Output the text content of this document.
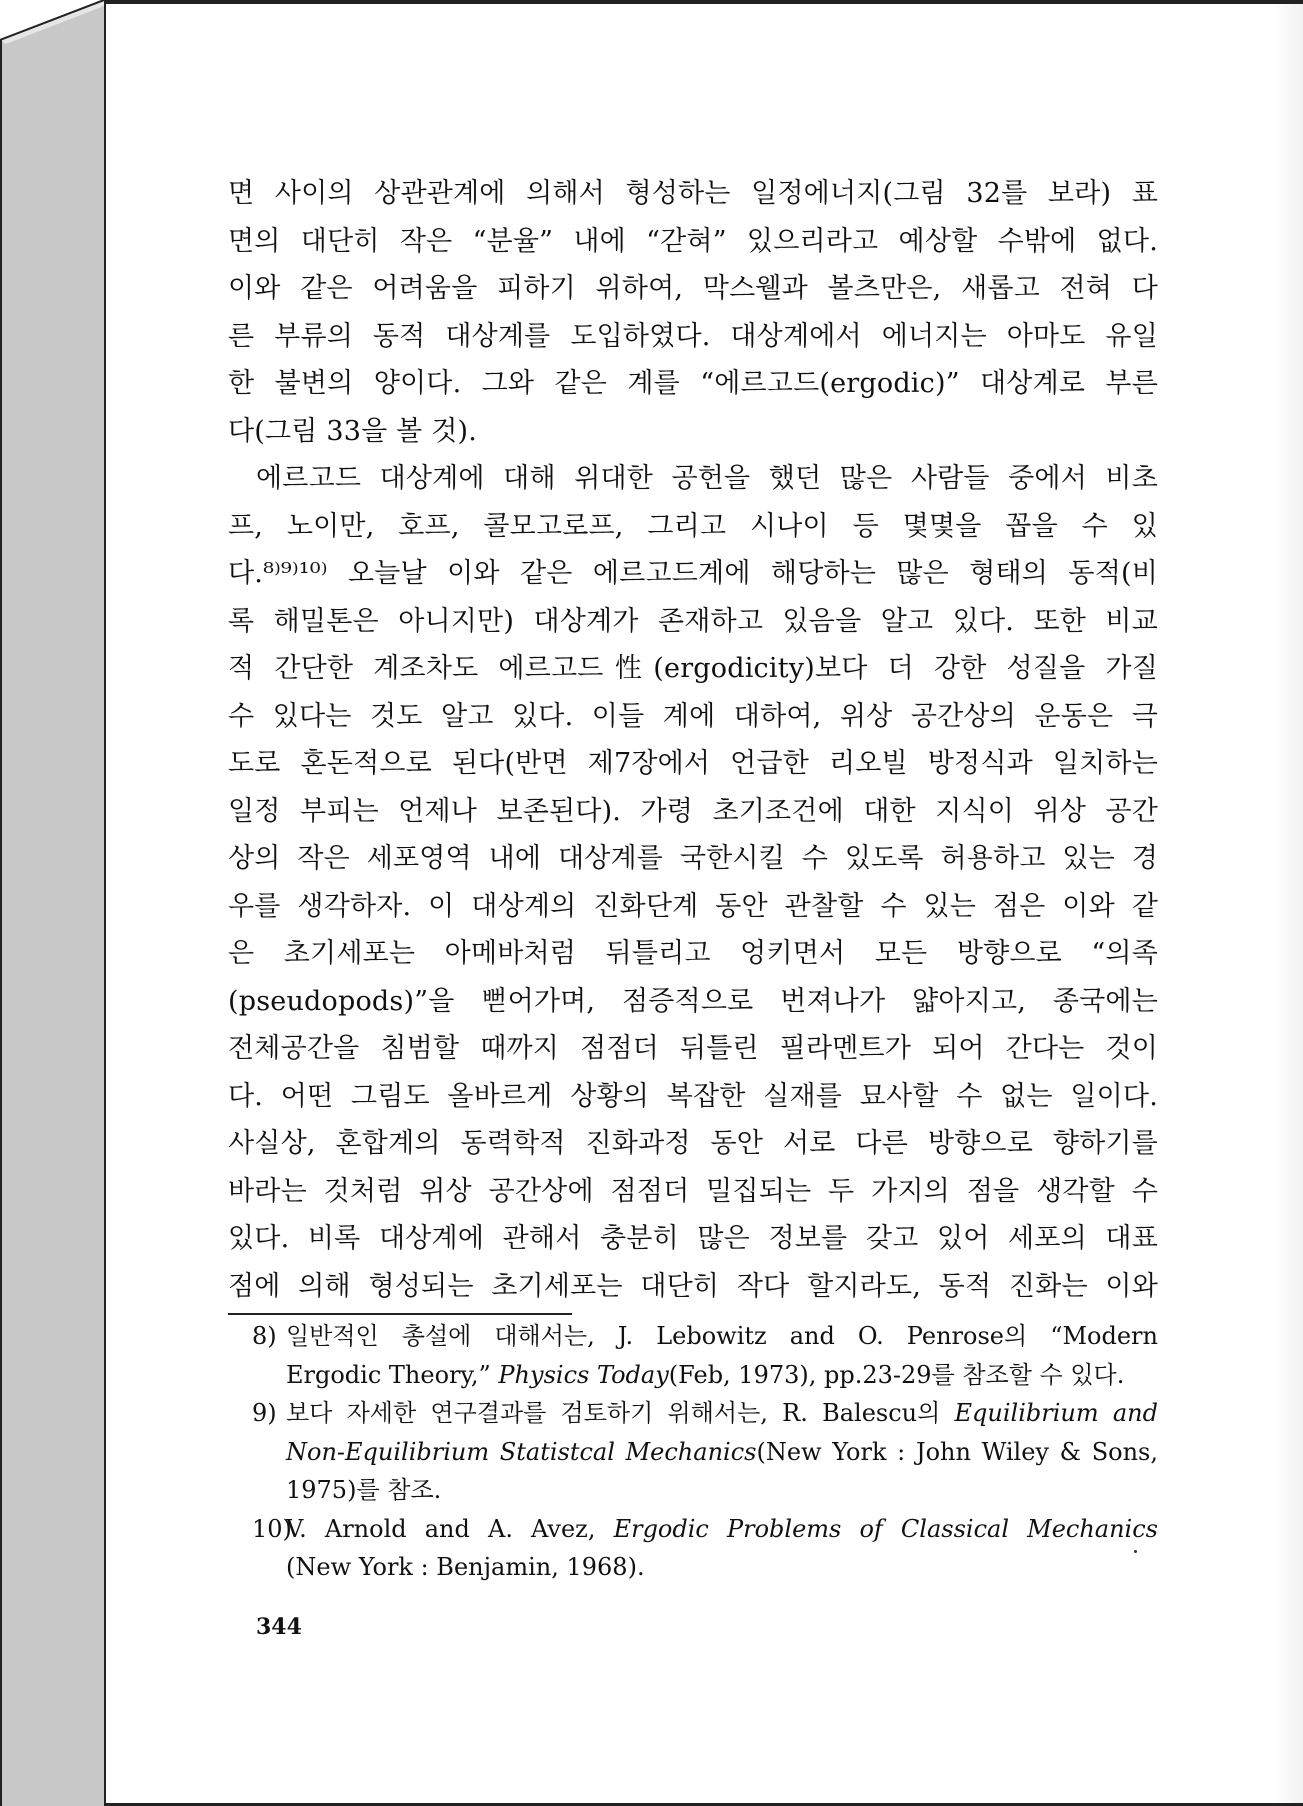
면 사이의 상관관계에 의해서 형성하는 일정에너지(그림 32를 보라) 표
면의 대단히 작은 “분율” 내에 “갇혀” 있으리라고 예상할 수밖에 없다.
이와 같은 어려움을 피하기 위하여, 막스웰과 볼츠만은, 새롭고 전혀 다
른 부류의 동적 대상계를 도입하였다. 대상계에서 에너지는 아마도 유일
한 불변의 양이다. 그와 같은 계를 “에르고드(ergodic)” 대상계로 부른
다(그림 33을 볼 것).
에르고드 대상계에 대해 위대한 공헌을 했던 많은 사람들 중에서 비초
프, 노이만, 호프, 콜모고로프, 그리고 시나이 등 몇몇을 꼽을 수 있
다.⁸⁾⁹⁾¹⁰⁾ 오늘날 이와 같은 에르고드계에 해당하는 많은 형태의 동적(비
록 해밀톤은 아니지만) 대상계가 존재하고 있음을 알고 있다. 또한 비교
적 간단한 계조차도 에르고드性(ergodicity)보다 더 강한 성질을 가질
수 있다는 것도 알고 있다. 이들 계에 대하여, 위상 공간상의 운동은 극
도로 혼돈적으로 된다(반면 제7장에서 언급한 리오빌 방정식과 일치하는
일정 부피는 언제나 보존된다). 가령 초기조건에 대한 지식이 위상 공간
상의 작은 세포영역 내에 대상계를 국한시킬 수 있도록 허용하고 있는 경
우를 생각하자. 이 대상계의 진화단계 동안 관찰할 수 있는 점은 이와 같
은 초기세포는 아메바처럼 뒤틀리고 엉키면서 모든 방향으로 “의족
(pseudopods)”을 뻗어가며, 점증적으로 번져나가 얇아지고, 종국에는
전체공간을 침범할 때까지 점점더 뒤틀린 필라멘트가 되어 간다는 것이
다. 어떤 그림도 올바르게 상황의 복잡한 실재를 묘사할 수 없는 일이다.
사실상, 혼합계의 동력학적 진화과정 동안 서로 다른 방향으로 향하기를
바라는 것처럼 위상 공간상에 점점더 밀집되는 두 가지의 점을 생각할 수
있다. 비록 대상계에 관해서 충분히 많은 정보를 갖고 있어 세포의 대표
점에 의해 형성되는 초기세포는 대단히 작다 할지라도, 동적 진화는 이와
8) 일반적인 총설에 대해서는, J. Lebowitz and O. Penrose의 “Modern
Ergodic Theory,” Physics Today(Feb, 1973), pp.23-29를 참조할 수 있다.
9) 보다 자세한 연구결과를 검토하기 위해서는, R. Balescu의 Equilibrium and
Non-Equilibrium Statistcal Mechanics(New York : John Wiley & Sons,
1975)를 참조.
10)
V. Arnold and A. Avez, Ergodic Problems of Classical Mechanics
(New York : Benjamin, 1968).
344
